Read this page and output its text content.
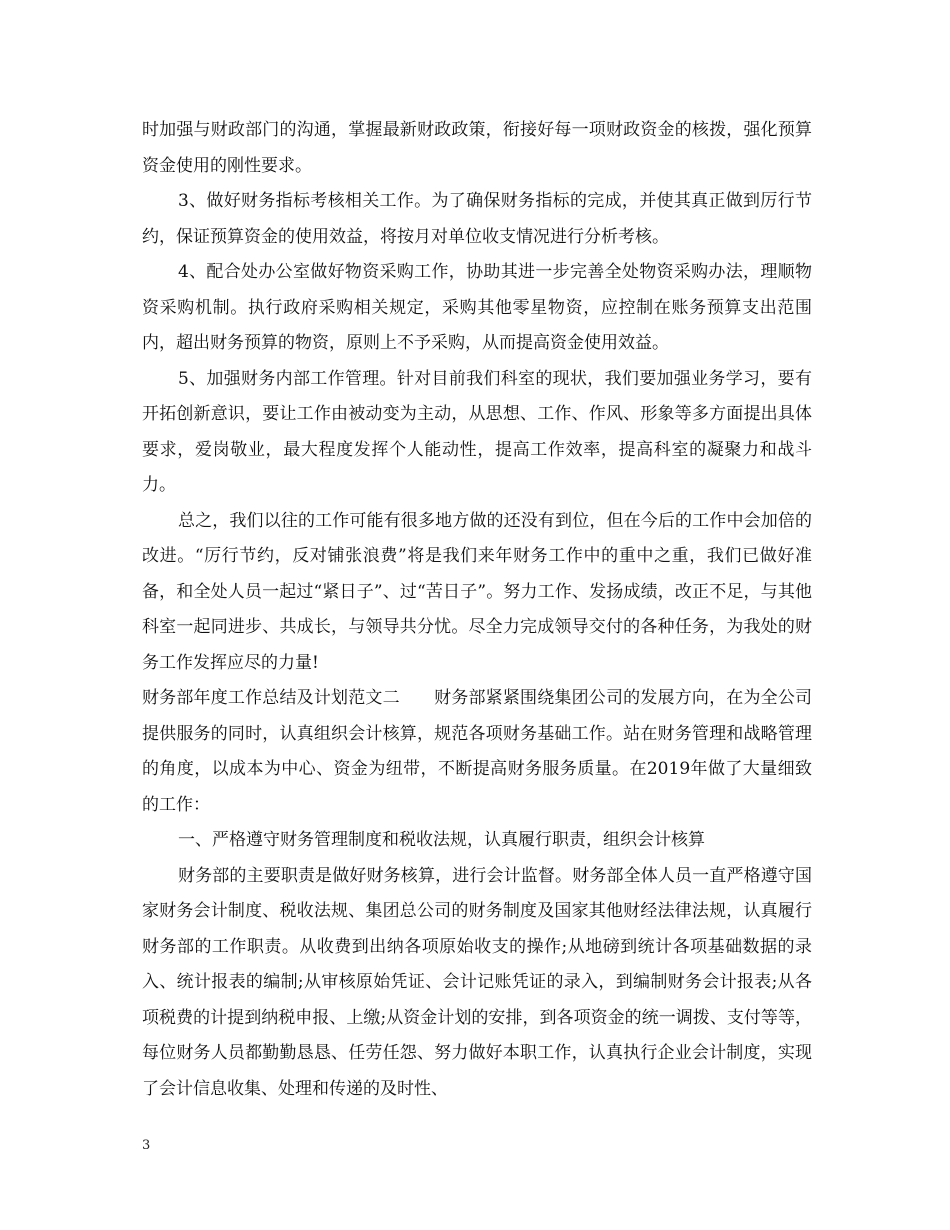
时加强与财政部门的沟通，掌握最新财政政策，衔接好每一项财政资金的核拨，强化预算资金使用的刚性要求。

3、做好财务指标考核相关工作。为了确保财务指标的完成，并使其真正做到厉行节约，保证预算资金的使用效益，将按月对单位收支情况进行分析考核。

4、配合处办公室做好物资采购工作，协助其进一步完善全处物资采购办法，理顺物资采购机制。执行政府采购相关规定，采购其他零星物资，应控制在账务预算支出范围内，超出财务预算的物资，原则上不予采购，从而提高资金使用效益。

5、加强财务内部工作管理。针对目前我们科室的现状，我们要加强业务学习，要有开拓创新意识，要让工作由被动变为主动，从思想、工作、作风、形象等多方面提出具体要求，爱岗敬业，最大程度发挥个人能动性，提高工作效率，提高科室的凝聚力和战斗力。

总之，我们以往的工作可能有很多地方做的还没有到位，但在今后的工作中会加倍的改进。“厉行节约，反对铺张浪费”将是我们来年财务工作中的重中之重，我们已做好准备，和全处人员一起过“紧日子”、过“苦日子”。努力工作、发扬成绩，改正不足，与其他科室一起同进步、共成长，与领导共分忧。尽全力完成领导交付的各种任务，为我处的财务工作发挥应尽的力量!

财务部年度工作总结及计划范文二　　财务部紧紧围绕集团公司的发展方向，在为全公司提供服务的同时，认真组织会计核算，规范各项财务基础工作。站在财务管理和战略管理的角度，以成本为中心、资金为纽带，不断提高财务服务质量。在2019年做了大量细致的工作：

一、严格遵守财务管理制度和税收法规，认真履行职责，组织会计核算

财务部的主要职责是做好财务核算，进行会计监督。财务部全体人员一直严格遵守国家财务会计制度、税收法规、集团总公司的财务制度及国家其他财经法律法规，认真履行财务部的工作职责。从收费到出纳各项原始收支的操作;从地磅到统计各项基础数据的录入、统计报表的编制;从审核原始凭证、会计记账凭证的录入，到编制财务会计报表;从各项税费的计提到纳税申报、上缴;从资金计划的安排，到各项资金的统一调拨、支付等等，每位财务人员都勤勤恳恳、任劳任怨、努力做好本职工作，认真执行企业会计制度，实现了会计信息收集、处理和传递的及时性、

3
